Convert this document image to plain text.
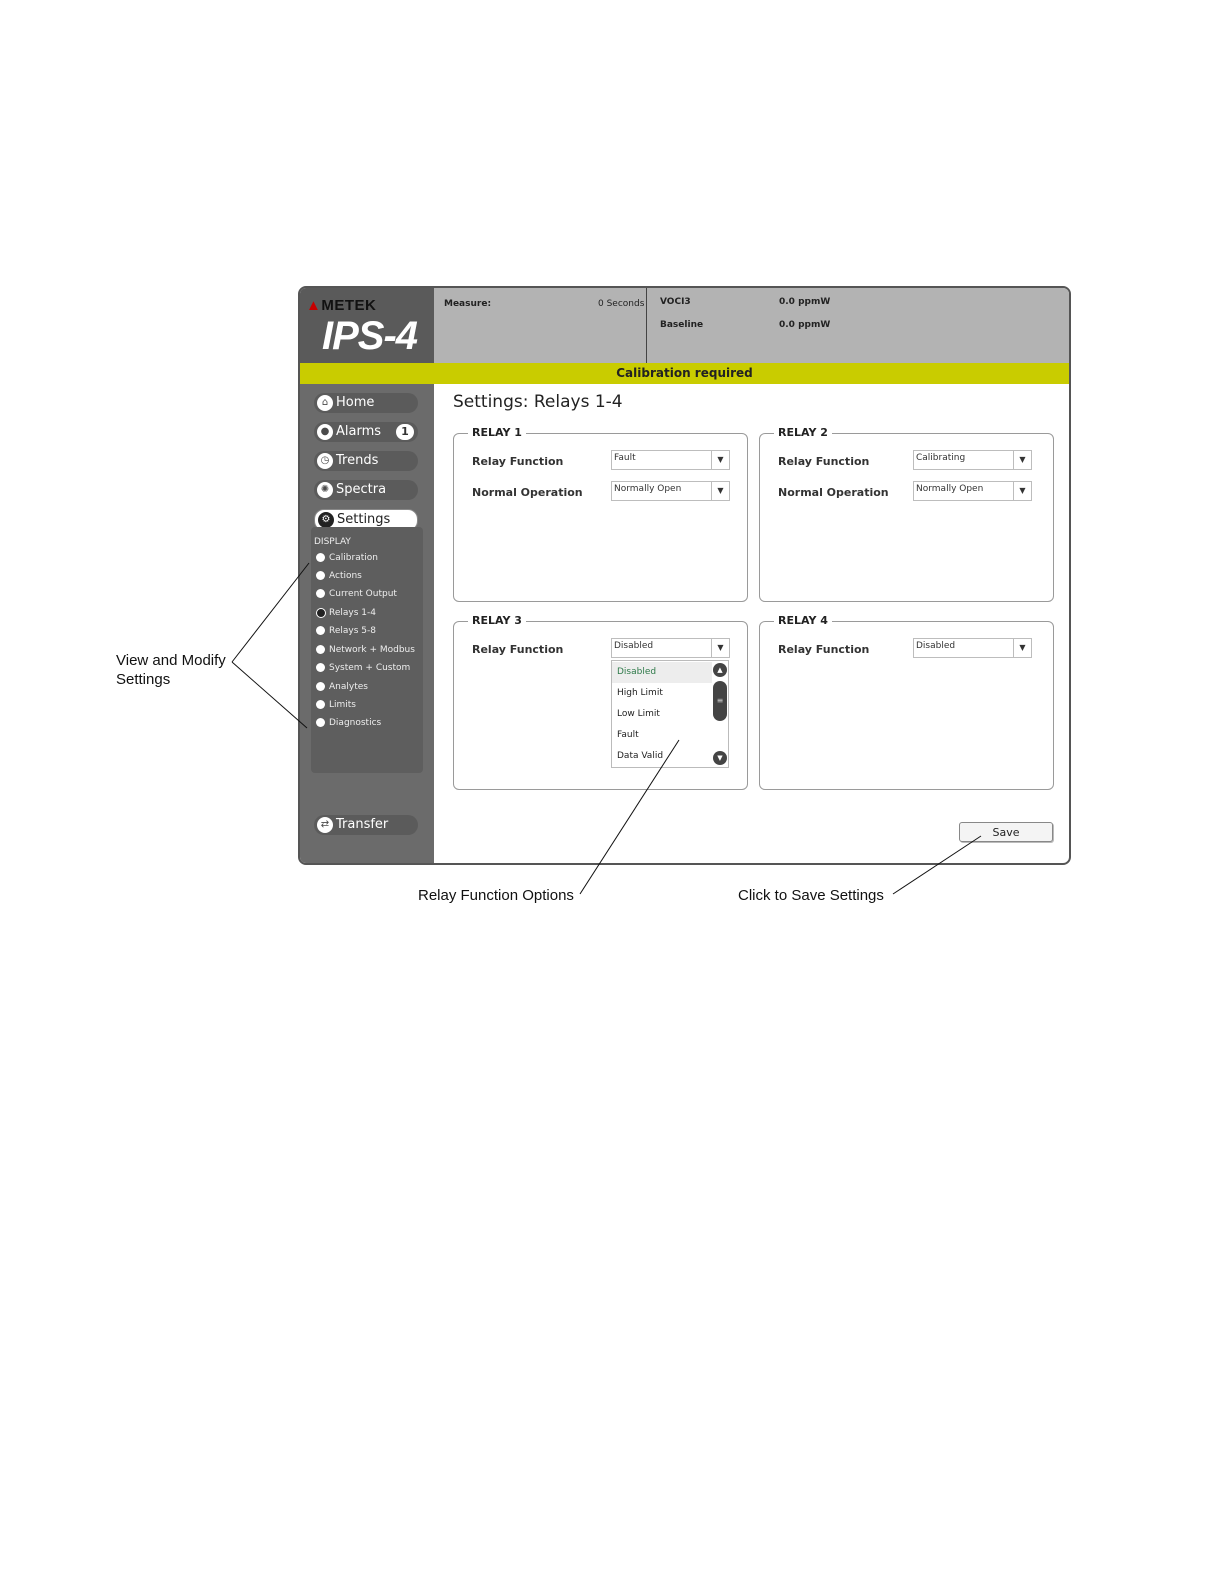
▲METEK
IPS-4
Measure:	0 Seconds VOCI3	0.0 ppmW
Baseline	0.0 ppmW
Calibration required
⌂ Home
● Alarms	1
◷ Trends
✺ Spectra
⚙ Settings
DISPLAY
Calibration
Actions
Current Output
Relays 1-4
Relays 5-8
Network + Modbus
System + Custom
Analytes
Limits
Diagnostics
⇄ Transfer
Settings: Relays 1-4
RELAY 1
Relay Function	Fault	▼
Normal Operation	Normally Open	▼
RELAY 2
Relay Function	Calibrating	▼
Normal Operation	Normally Open	▼
RELAY 3
Relay Function	Disabled	▼
Disabled
High Limit
Low Limit
Fault
Data Valid
▲
≡
▼
RELAY 4
Relay Function	Disabled	▼
Save
View and Modify
Settings
Relay Function Options	Click to Save Settings
